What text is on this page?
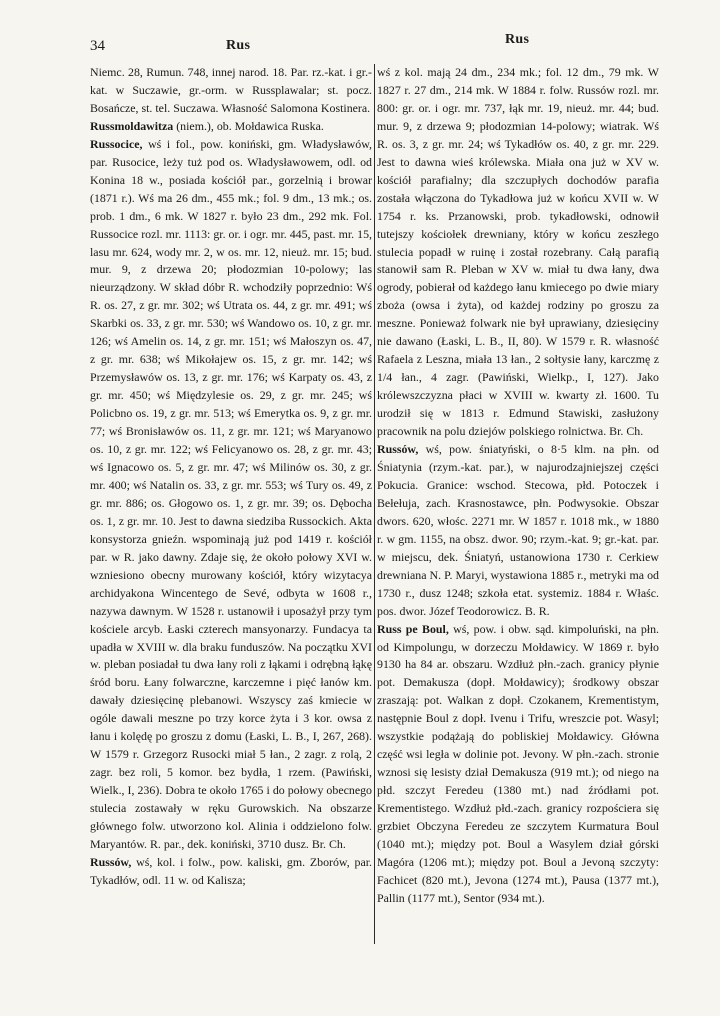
34	Rus	Rus

Niemc. 28, Rumun. 748, innej narod. 18. Par. rz.-kat. i gr.-kat. w Suczawie, gr.-orm. w Russplawalar; st. pocz. Bosańcze, st. tel. Suczawa. Własność Salomona Kostinera.

Russmoldawitza (niem.), ob. Mołdawica Ruska.

Russocice, wś i fol., pow. koniński, gm. Władysławów, par. Rusocice, leży tuż pod os. Władysławowem, odl. od Konina 18 w., posiada kościół par., gorzelnią i browar (1871 r.). Wś ma 26 dm., 455 mk.; fol. 9 dm., 13 mk.; os. prob. 1 dm., 6 mk. W 1827 r. było 23 dm., 292 mk. Fol. Russocice rozl. mr. 1113: gr. or. i ogr. mr. 445, past. mr. 15, lasu mr. 624, wody mr. 2, w os. mr. 12, nieuż. mr. 15; bud. mur. 9, z drzewa 20; płodozmian 10-polowy; las nieurządzony. W skład dóbr R. wchodziły poprzednio: Wś R. os. 27, z gr. mr. 302; wś Utrata os. 44, z gr. mr. 491; wś Skarbki os. 33, z gr. mr. 530; wś Wandowo os. 10, z gr. mr. 126; wś Amelin os. 14, z gr. mr. 151; wś Małoszyn os. 47, z gr. mr. 638; wś Mikołajew os. 15, z gr. mr. 142; wś Przemysławów os. 13, z gr. mr. 176; wś Karpaty os. 43, z gr. mr. 450; wś Międzylesie os. 29, z gr. mr. 245; wś Policbno os. 19, z gr. mr. 513; wś Emerytka os. 9, z gr. mr. 77; wś Bronisławów os. 11, z gr. mr. 121; wś Maryanowo os. 10, z gr. mr. 122; wś Felicyanowo os. 28, z gr. mr. 43; wś Ignacowo os. 5, z gr. mr. 47; wś Milinów os. 30, z gr. mr. 400; wś Natalin os. 33, z gr. mr. 553; wś Tury os. 49, z gr. mr. 886; os. Głogowo os. 1, z gr. mr. 39; os. Dębocha os. 1, z gr. mr. 10. Jest to dawna siedziba Russockich. Akta konsystorza gnieźn. wspominają już pod 1419 r. kościół par. w R. jako dawny. Zdaje się, że około połowy XVI w. wzniesiono obecny murowany kościół, który wizytacya archidyakona Wincentego de Sevé, odbyta w 1608 r., nazywa dawnym. W 1528 r. ustanowił i uposażył przy tym kościele arcyb. Łaski czterech mansyonarzy. Fundacya ta upadła w XVIII w. dla braku funduszów. Na początku XVI w. pleban posiadał tu dwa łany roli z łąkami i odrębną łąkę śród boru. Łany folwarczne, karczemne i pięć łanów km. dawały dziesięcinę plebanowi. Wszyscy zaś kmiecie w ogóle dawali meszne po trzy korce żyta i 3 kor. owsa z łanu i kolędę po groszu z domu (Łaski, L. B., I, 267, 268). W 1579 r. Grzegorz Rusocki miał 5 łan., 2 zagr. z rolą, 2 zagr. bez roli, 5 komor. bez bydła, 1 rzem. (Pawiński, Wielk., I, 236). Dobra te około 1765 i do połowy obecnego stulecia zostawały w ręku Gurowskich. Na obszarze głównego folw. utworzono kol. Alinia i oddzielono folw. Maryantów. R. par., dek. koniński, 3710 dusz. Br. Ch.

Russów, wś, kol. i folw., pow. kaliski, gm. Zborów, par. Tykadłów, odl. 11 w. od Kalisza;

wś z kol. mają 24 dm., 234 mk.; fol. 12 dm., 79 mk. W 1827 r. 27 dm., 214 mk. W 1884 r. folw. Russów rozl. mr. 800: gr. or. i ogr. mr. 737, łąk mr. 19, nieuż. mr. 44; bud. mur. 9, z drzewa 9; płodozmian 14-polowy; wiatrak. Wś R. os. 3, z gr. mr. 24; wś Tykadłów os. 40, z gr. mr. 229. Jest to dawna wieś królewska. Miała ona już w XV w. kościół parafialny; dla szczupłych dochodów parafia została włączona do Tykadłowa już w końcu XVII w. W 1754 r. ks. Przanowski, prob. tykadłowski, odnowił tutejszy kościołek drewniany, który w końcu zeszłego stulecia popadł w ruinę i został rozebrany. Całą parafią stanowił sam R. Pleban w XV w. miał tu dwa łany, dwa ogrody, pobierał od każdego łanu kmiecego po dwie miary zboża (owsa i żyta), od każdej rodziny po groszu za meszne. Ponieważ folwark nie był uprawiany, dziesięciny nie dawano (Łaski, L. B., II, 80). W 1579 r. R. własność Rafaela z Leszna, miała 13 łan., 2 sołtysie łany, karczmę z 1/4 łan., 4 zagr. (Pawiński, Wielkp., I, 127). Jako królewszczyzna płaci w XVIII w. kwarty zł. 1600. Tu urodził się w 1813 r. Edmund Stawiski, zasłużony pracownik na polu dziejów polskiego rolnictwa. Br. Ch.

Russów, wś, pow. śniatyński, o 8·5 klm. na płn. od Śniatynia (rzym.-kat. par.), w najurodzajniejszej części Pokucia. Granice: wschod. Stecowa, płd. Potoczek i Bełełuja, zach. Krasnostawce, płn. Podwysokie. Obszar dwors. 620, włośc. 2271 mr. W 1857 r. 1018 mk., w 1880 r. w gm. 1155, na obsz. dwor. 90; rzym.-kat. 9; gr.-kat. par. w miejscu, dek. Śniatyń, ustanowiona 1730 r. Cerkiew drewniana N. P. Maryi, wystawiona 1885 r., metryki ma od 1730 r., dusz 1248; szkoła etat. systemiz. 1884 r. Właśc. pos. dwor. Józef Teodorowicz. B. R.

Russ pe Boul, wś, pow. i obw. sąd. kimpoluński, na płn. od Kimpolungu, w dorzeczu Mołdawicy. W 1869 r. było 9130 ha 84 ar. obszaru. Wzdłuż płn.-zach. granicy płynie pot. Demakusza (dopł. Mołdawicy); środkowy obszar zraszają: pot. Walkan z dopł. Czokanem, Krementistym, następnie Boul z dopł. Ivenu i Trifu, wreszcie pot. Wasyl; wszystkie podążają do pobliskiej Mołdawicy. Główna część wsi legła w dolinie pot. Jevony. W płn.-zach. stronie wznosi się lesisty dział Demakusza (919 mt.); od niego na płd. szczyt Feredeu (1380 mt.) nad źródłami pot. Krementistego. Wzdłuż płd.-zach. granicy rozpościera się grzbiet Obczyna Feredeu ze szczytem Kurmatura Boul (1040 mt.); między pot. Boul a Wasylem dział górski Magóra (1206 mt.); między pot. Boul a Jevoną szczyty: Fachicet (820 mt.), Jevona (1274 mt.), Pausa (1377 mt.), Pallin (1177 mt.), Sentor (934 mt.).
